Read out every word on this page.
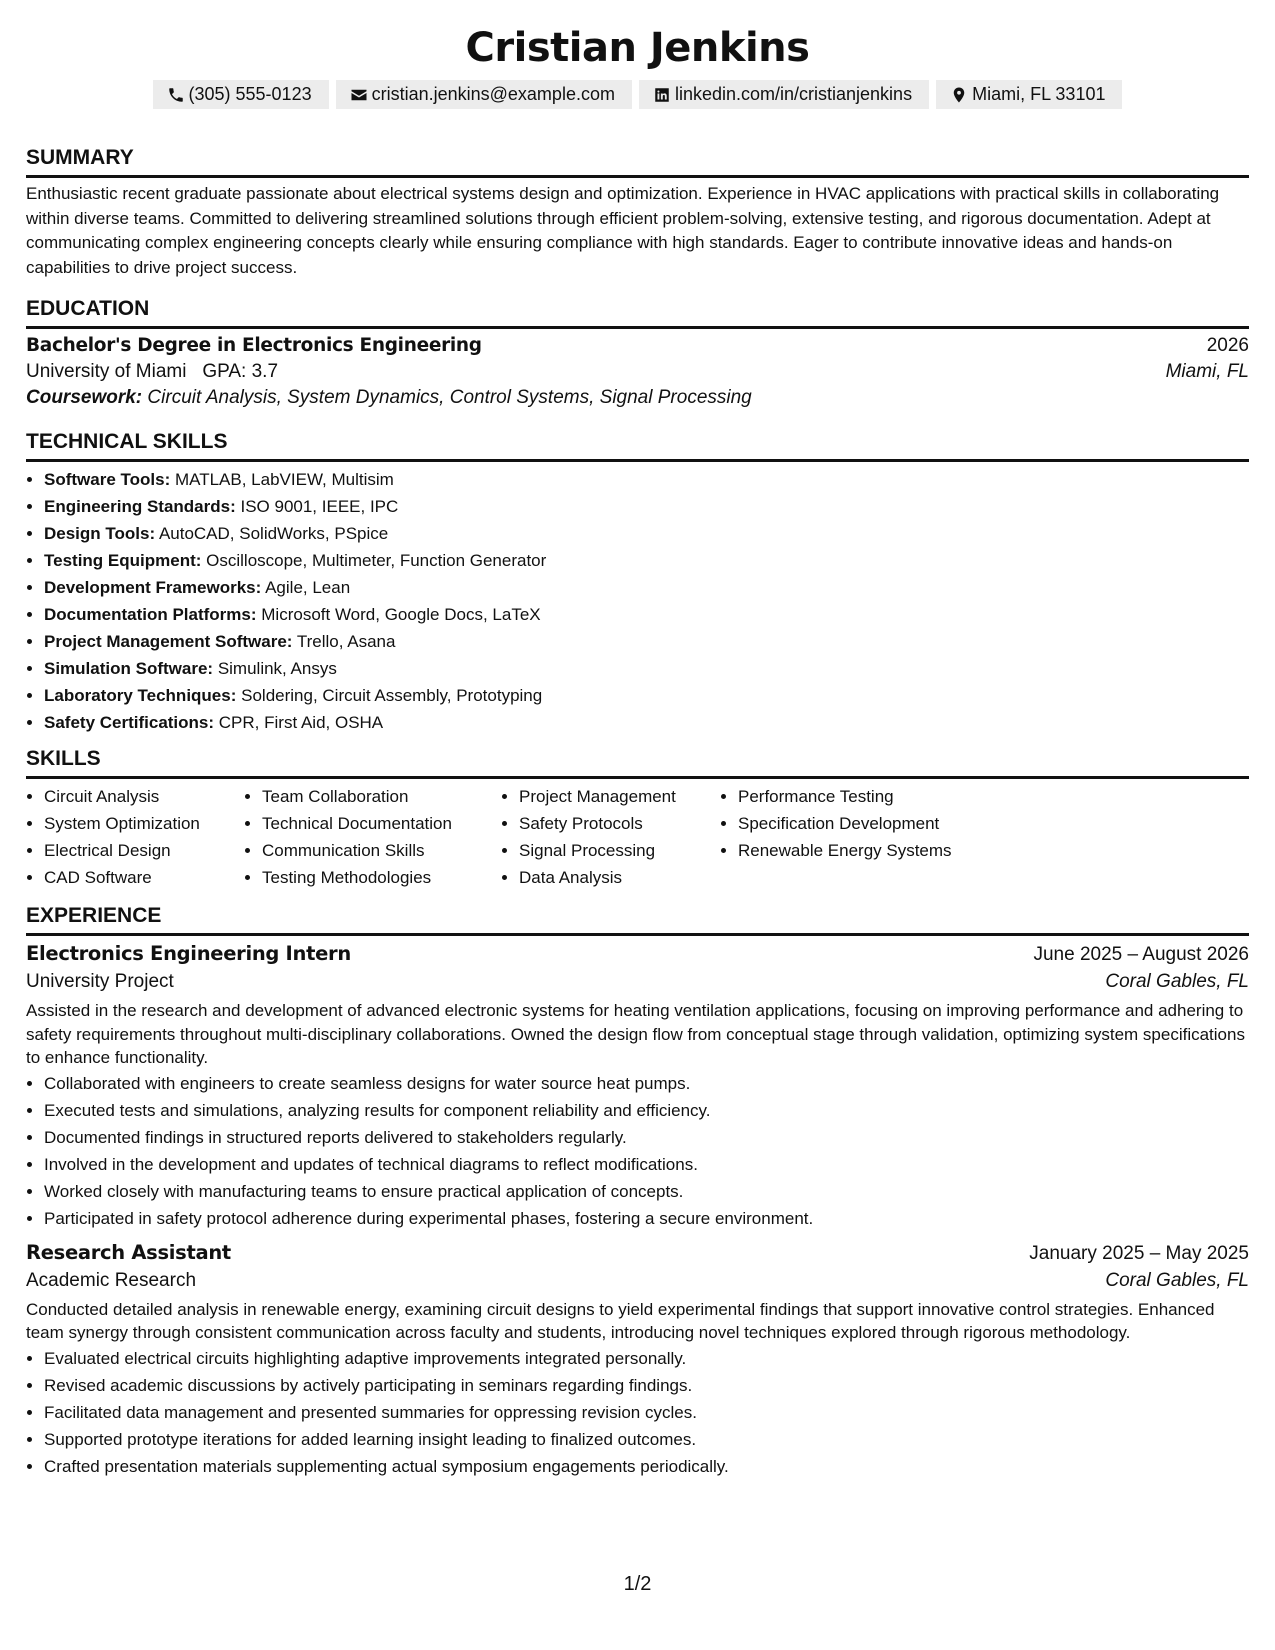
Cristian Jenkins
(305) 555-0123	cristian.jenkins@example.com	linkedin.com/in/cristianjenkins	Miami, FL 33101
SUMMARY

Enthusiastic recent graduate passionate about electrical systems design and optimization. Experience in HVAC applications with practical skills in collaborating within diverse teams. Committed to delivering streamlined solutions through efficient problem-solving, extensive testing, and rigorous documentation. Adept at communicating complex engineering concepts clearly while ensuring compliance with high standards. Eager to contribute innovative ideas and hands-on capabilities to drive project success.

EDUCATION
Bachelor's Degree in Electronics Engineering	2026
University of Miami GPA: 3.7	Miami, FL
Coursework: Circuit Analysis, System Dynamics, Control Systems, Signal Processing
TECHNICAL SKILLS
• Software Tools: MATLAB, LabVIEW, Multisim
• Engineering Standards: ISO 9001, IEEE, IPC
• Design Tools: AutoCAD, SolidWorks, PSpice
• Testing Equipment: Oscilloscope, Multimeter, Function Generator
• Development Frameworks: Agile, Lean
• Documentation Platforms: Microsoft Word, Google Docs, LaTeX
• Project Management Software: Trello, Asana
• Simulation Software: Simulink, Ansys
• Laboratory Techniques: Soldering, Circuit Assembly, Prototyping
• Safety Certifications: CPR, First Aid, OSHA
SKILLS
• Circuit Analysis
• System Optimization
• Electrical Design
• CAD Software
• Team Collaboration
• Technical Documentation
• Communication Skills
• Testing Methodologies
• Project Management
• Safety Protocols
• Signal Processing
• Data Analysis
• Performance Testing
• Specification Development
• Renewable Energy Systems
EXPERIENCE
Electronics Engineering Intern	June 2025 – August 2026
University Project	Coral Gables, FL

Assisted in the research and development of advanced electronic systems for heating ventilation applications, focusing on improving performance and adhering to safety requirements throughout multi-disciplinary collaborations. Owned the design flow from conceptual stage through validation, optimizing system specifications to enhance functionality.

• Collaborated with engineers to create seamless designs for water source heat pumps.
• Executed tests and simulations, analyzing results for component reliability and efficiency.
• Documented findings in structured reports delivered to stakeholders regularly.
• Involved in the development and updates of technical diagrams to reflect modifications.
• Worked closely with manufacturing teams to ensure practical application of concepts.
• Participated in safety protocol adherence during experimental phases, fostering a secure environment.
Research Assistant	January 2025 – May 2025
Academic Research	Coral Gables, FL

Conducted detailed analysis in renewable energy, examining circuit designs to yield experimental findings that support innovative control strategies. Enhanced team synergy through consistent communication across faculty and students, introducing novel techniques explored through rigorous methodology.

• Evaluated electrical circuits highlighting adaptive improvements integrated personally.
• Revised academic discussions by actively participating in seminars regarding findings.
• Facilitated data management and presented summaries for oppressing revision cycles.
• Supported prototype iterations for added learning insight leading to finalized outcomes.
• Crafted presentation materials supplementing actual symposium engagements periodically.
1/2
